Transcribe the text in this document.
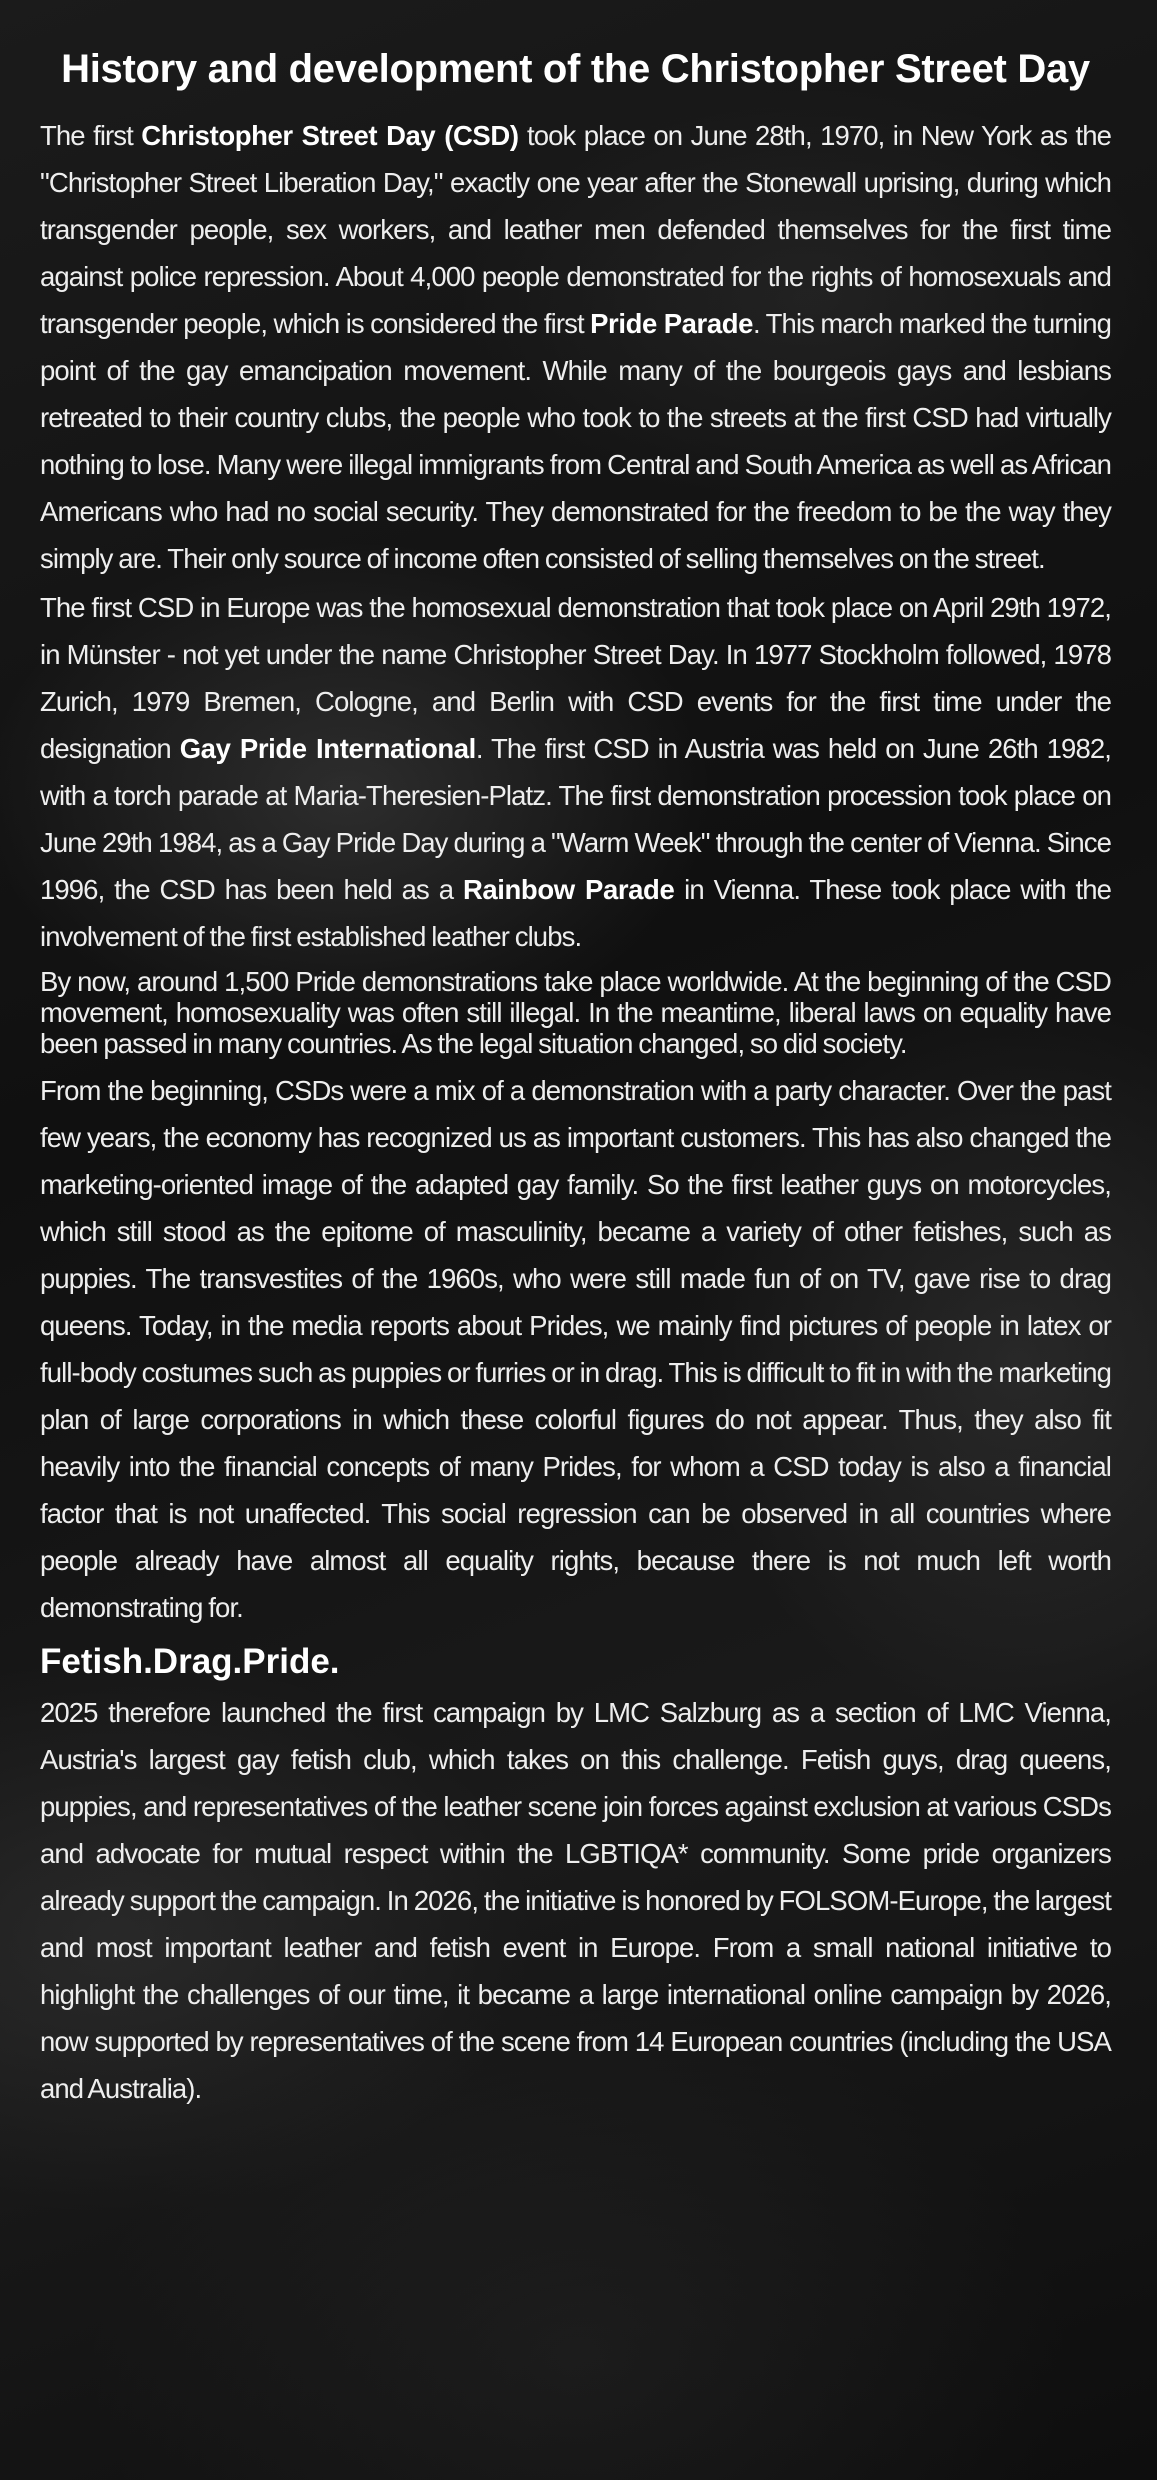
History and development of the Christopher Street Day

The first Christopher Street Day (CSD) took place on June 28th, 1970, in New York as the "Christopher Street Liberation Day," exactly one year after the Stonewall uprising, during which transgender people, sex workers, and leather men defended themselves for the first time against police repression. About 4,000 people demonstrated for the rights of homosexuals and transgender people, which is considered the first Pride Parade. This march marked the turning point of the gay emancipation movement. While many of the bourgeois gays and lesbians retreated to their country clubs, the people who took to the streets at the first CSD had virtually nothing to lose. Many were illegal immigrants from Central and South America as well as African Americans who had no social security. They demonstrated for the freedom to be the way they simply are. Their only source of income often consisted of selling themselves on the street.

The first CSD in Europe was the homosexual demonstration that took place on April 29th 1972, in Münster - not yet under the name Christopher Street Day. In 1977 Stockholm followed, 1978 Zurich, 1979 Bremen, Cologne, and Berlin with CSD events for the first time under the designation Gay Pride International. The first CSD in Austria was held on June 26th 1982, with a torch parade at Maria-Theresien-Platz. The first demonstration procession took place on June 29th 1984, as a Gay Pride Day during a "Warm Week" through the center of Vienna. Since 1996, the CSD has been held as a Rainbow Parade in Vienna. These took place with the involvement of the first established leather clubs.

By now, around 1,500 Pride demonstrations take place worldwide. At the beginning of the CSD movement, homosexuality was often still illegal. In the meantime, liberal laws on equality have been passed in many countries. As the legal situation changed, so did society.

From the beginning, CSDs were a mix of a demonstration with a party character. Over the past few years, the economy has recognized us as important customers. This has also changed the marketing-oriented image of the adapted gay family. So the first leather guys on motorcycles, which still stood as the epitome of masculinity, became a variety of other fetishes, such as puppies. The transvestites of the 1960s, who were still made fun of on TV, gave rise to drag queens. Today, in the media reports about Prides, we mainly find pictures of people in latex or full-body costumes such as puppies or furries or in drag. This is difficult to fit in with the marketing plan of large corporations in which these colorful figures do not appear. Thus, they also fit heavily into the financial concepts of many Prides, for whom a CSD today is also a financial factor that is not unaffected. This social regression can be observed in all countries where people already have almost all equality rights, because there is not much left worth demonstrating for.

Fetish.Drag.Pride.

2025 therefore launched the first campaign by LMC Salzburg as a section of LMC Vienna, Austria's largest gay fetish club, which takes on this challenge. Fetish guys, drag queens, puppies, and representatives of the leather scene join forces against exclusion at various CSDs and advocate for mutual respect within the LGBTIQA* community. Some pride organizers already support the campaign. In 2026, the initiative is honored by FOLSOM-Europe, the largest and most important leather and fetish event in Europe. From a small national initiative to highlight the challenges of our time, it became a large international online campaign by 2026, now supported by representatives of the scene from 14 European countries (including the USA and Australia).
